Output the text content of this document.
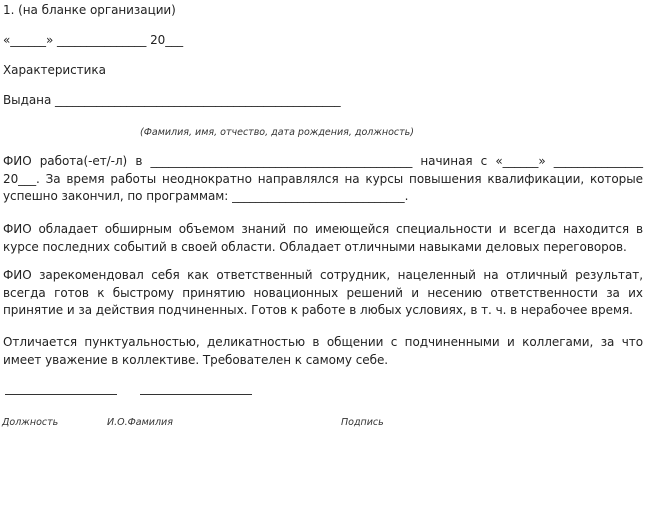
1. (на бланке организации)
«______» _______________ 20___
Характеристика
Выдана ________________________________________________
(Фамилия, имя, отчество, дата рождения, должность)
ФИО работа(-ет/-л) в ____________________________________________ начиная с «______» _______________ 20___. За время работы неоднократно направлялся на курсы повышения квалификации, которые успешно закончил, по программам: _____________________________.
ФИО обладает обширным объемом знаний по имеющейся специальности и всегда находится в курсе последних событий в своей области. Обладает отличными навыками деловых переговоров.
ФИО зарекомендовал себя как ответственный сотрудник, нацеленный на отличный результат, всегда готов к быстрому принятию новационных решений и несению ответственности за их принятие и за действия подчиненных. Готов к работе в любых условиях, в т. ч. в нерабочее время.
Отличается пунктуальностью, деликатностью в общении с подчиненными и коллегами, за что имеет уважение в коллективе. Требователен к самому себе.
Должность	И.О.Фамилия	Подпись
